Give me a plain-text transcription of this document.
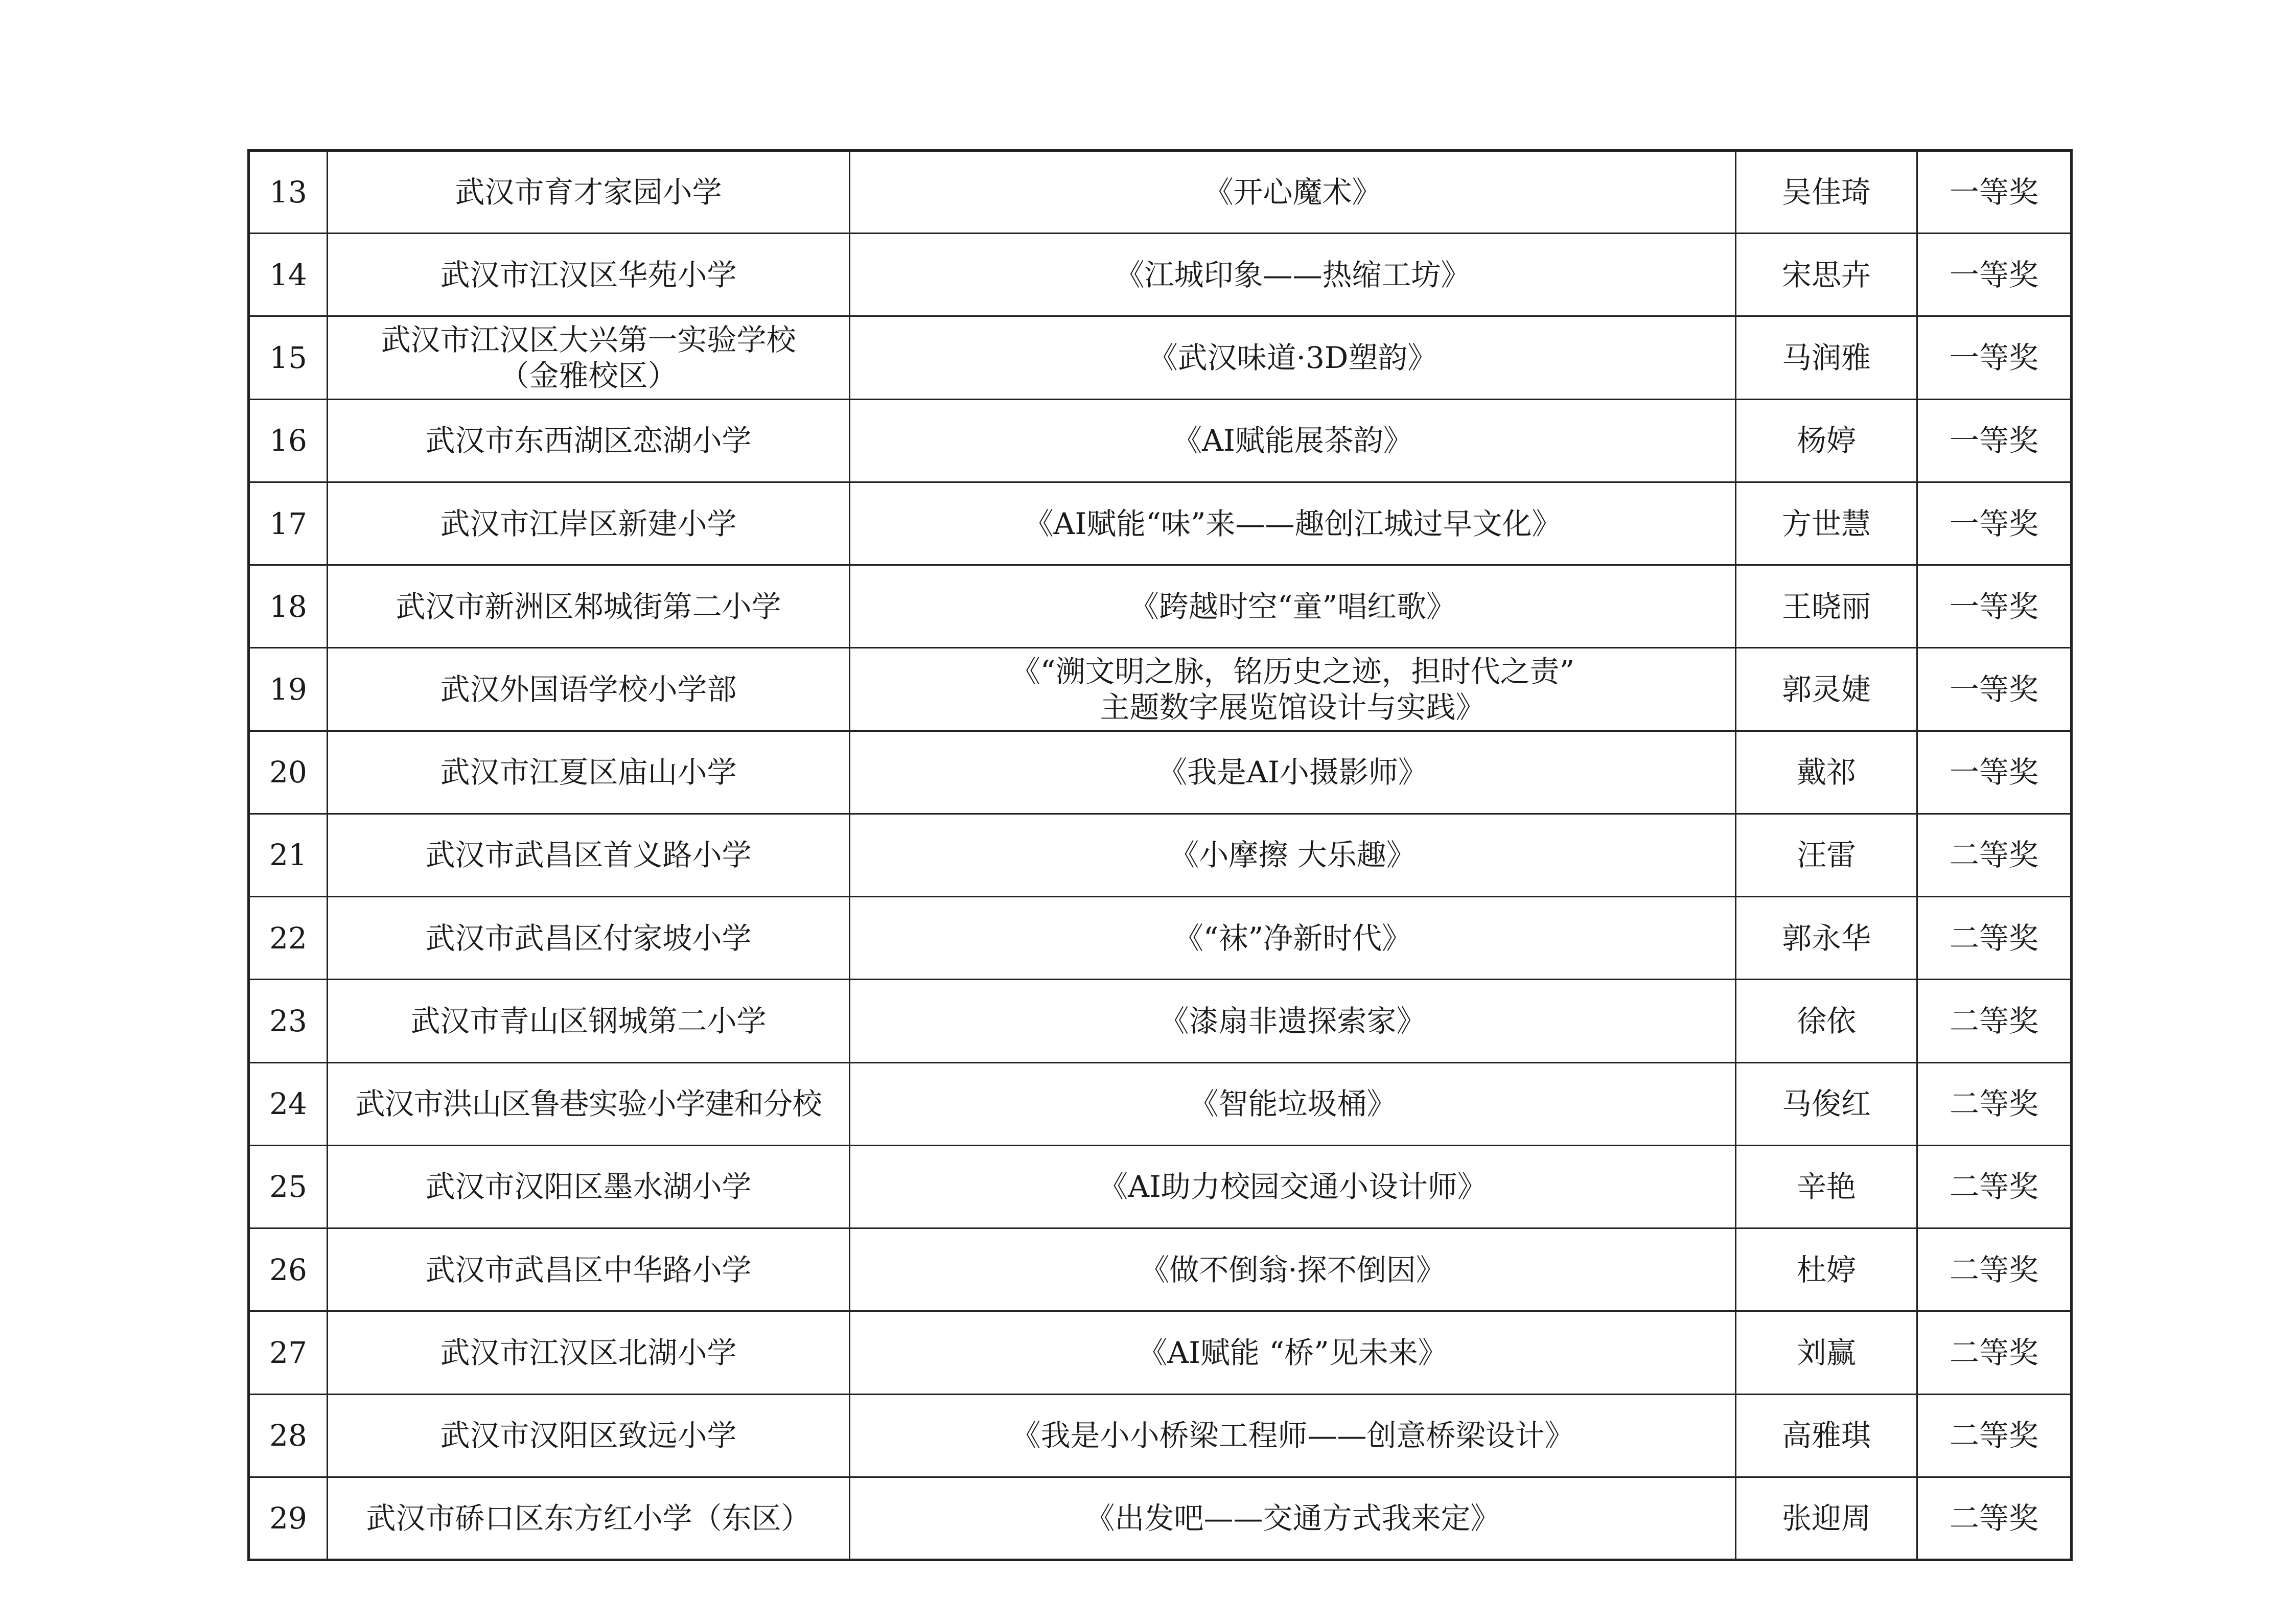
13	武汉市育才家园小学	《开心魔术》	吴佳琦	一等奖
14	武汉市江汉区华苑小学	《江城印象——热缩工坊》	宋思卉	一等奖
15	武汉市江汉区大兴第一实验学校
（金雅校区）	《武汉味道·3D塑韵》	马润雅	一等奖
16	武汉市东西湖区恋湖小学	《AI赋能展茶韵》	杨婷	一等奖
17	武汉市江岸区新建小学	《AI赋能“味”来——趣创江城过早文化》	方世慧	一等奖
18	武汉市新洲区邾城街第二小学	《跨越时空“童”唱红歌》	王晓丽	一等奖
19	武汉外国语学校小学部	《“溯文明之脉，铭历史之迹，担时代之责”
主题数字展览馆设计与实践》	郭灵婕	一等奖
20	武汉市江夏区庙山小学	《我是AI小摄影师》	戴祁	一等奖
21	武汉市武昌区首义路小学	《小摩擦 大乐趣》	汪雷	二等奖
22	武汉市武昌区付家坡小学	《“袜”净新时代》	郭永华	二等奖
23	武汉市青山区钢城第二小学	《漆扇非遗探索家》	徐依	二等奖
24	武汉市洪山区鲁巷实验小学建和分校	《智能垃圾桶》	马俊红	二等奖
25	武汉市汉阳区墨水湖小学	《AI助力校园交通小设计师》	辛艳	二等奖
26	武汉市武昌区中华路小学	《做不倒翁·探不倒因》	杜婷	二等奖
27	武汉市江汉区北湖小学	《AI赋能 “桥”见未来》	刘赢	二等奖
28	武汉市汉阳区致远小学	《我是小小桥梁工程师——创意桥梁设计》	高雅琪	二等奖
29	武汉市硚口区东方红小学（东区）	《出发吧——交通方式我来定》	张迎周	二等奖
